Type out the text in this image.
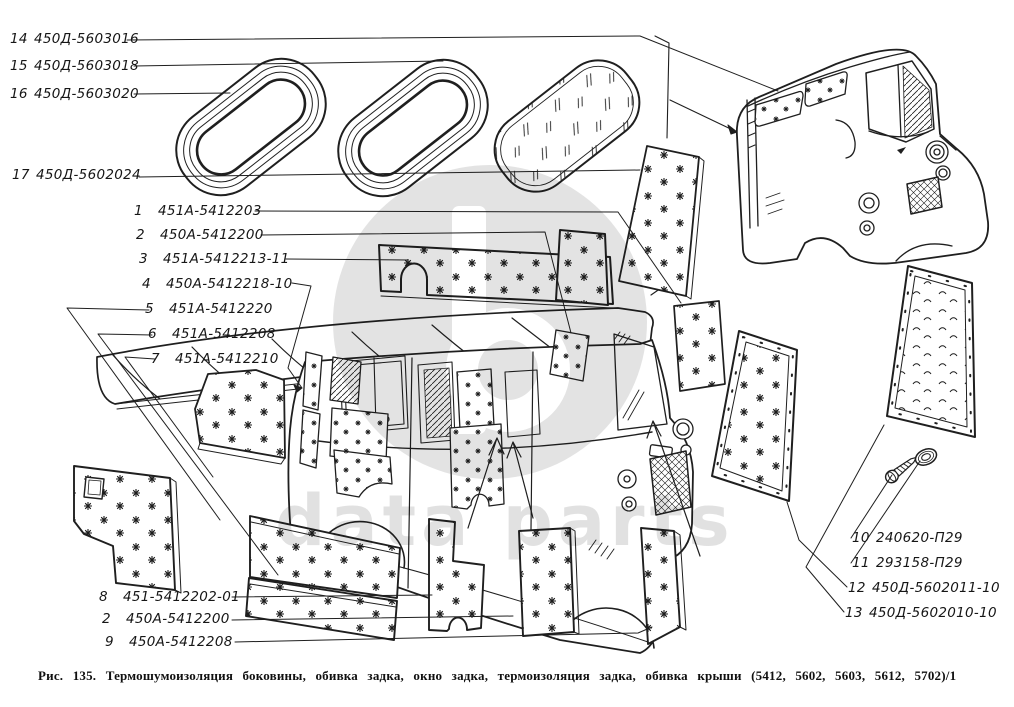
data parts
14 450Д-5603016
15 450Д-5603018
16 450Д-5603020
17 450Д-5602024
1	451А-5412203
2	450А-5412200
3	451А-5412213-11
4	450А-5412218-10
5	451А-5412220
6	451А-5412208
7	451А-5412210
8	451-5412202-01
2	450А-5412200
9	450А-5412208
10 240620-П29
11 293158-П29
12 450Д-5602011-10
13 450Д-5602010-10
Рис. 135. Термошумоизоляция боковины, обивка задка, окно задка, термоизоляция задка, обивка крыши (5412, 5602, 5603, 5612, 5702)/1
